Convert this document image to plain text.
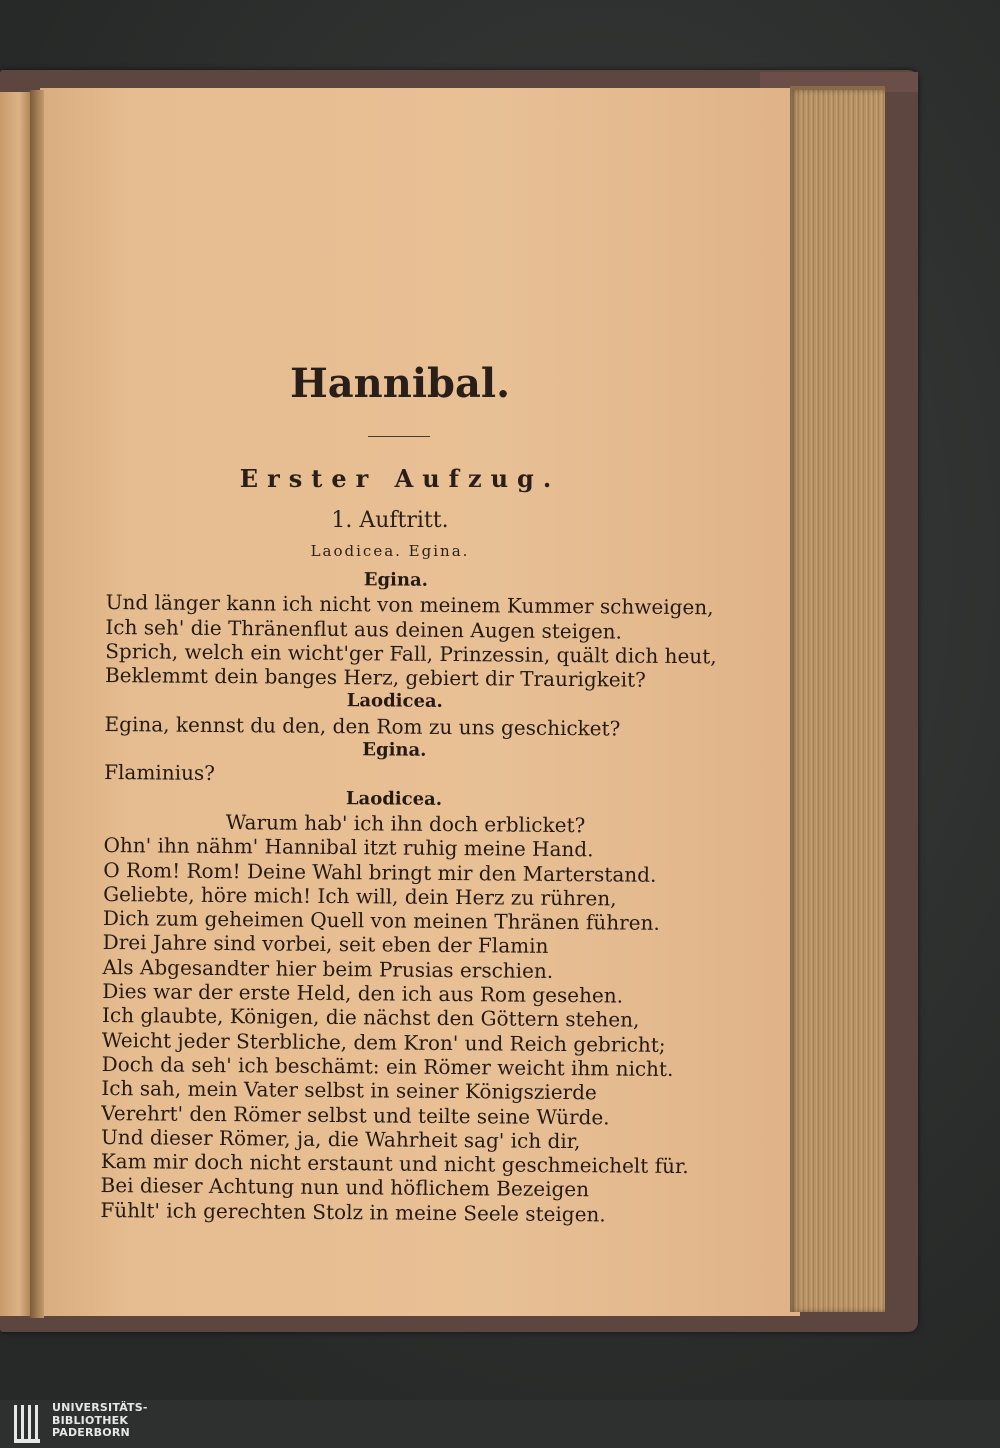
Hannibal.
Erster Aufzug.
1. Auftritt.
Laodicea. Egina.
Egina.
Und länger kann ich nicht von meinem Kummer schweigen,
Ich seh' die Thränenflut aus deinen Augen steigen.
Sprich, welch ein wicht'ger Fall, Prinzessin, quält dich heut,
Beklemmt dein banges Herz, gebiert dir Traurigkeit?
Laodicea.
Egina, kennst du den, den Rom zu uns geschicket?
Egina.
Flaminius?
Laodicea.
Warum hab' ich ihn doch erblicket?
Ohn' ihn nähm' Hannibal itzt ruhig meine Hand.
O Rom! Rom! Deine Wahl bringt mir den Marterstand.
Geliebte, höre mich! Ich will, dein Herz zu rühren,
Dich zum geheimen Quell von meinen Thränen führen.
Drei Jahre sind vorbei, seit eben der Flamin
Als Abgesandter hier beim Prusias erschien.
Dies war der erste Held, den ich aus Rom gesehen.
Ich glaubte, Königen, die nächst den Göttern stehen,
Weicht jeder Sterbliche, dem Kron' und Reich gebricht;
Doch da seh' ich beschämt: ein Römer weicht ihm nicht.
Ich sah, mein Vater selbst in seiner Königszierde
Verehrt' den Römer selbst und teilte seine Würde.
Und dieser Römer, ja, die Wahrheit sag' ich dir,
Kam mir doch nicht erstaunt und nicht geschmeichelt für.
Bei dieser Achtung nun und höflichem Bezeigen
Fühlt' ich gerechten Stolz in meine Seele steigen.
UNIVERSITÄTS-
BIBLIOTHEK
PADERBORN
